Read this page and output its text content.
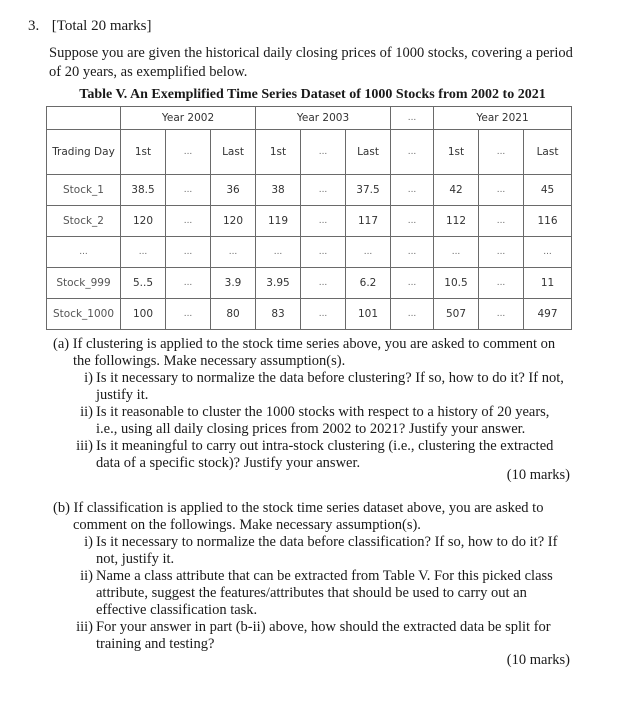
3. [Total 20 marks]
Suppose you are given the historical daily closing prices of 1000 stocks, covering a period of 20 years, as exemplified below.
Table V. An Exemplified Time Series Dataset of 1000 Stocks from 2002 to 2021
	Year 2002			Year 2003			...	Year 2021		
Trading Day	1st	...	Last	1st	...	Last	...	1st	...	Last
Stock_1	38.5	...	36	38	...	37.5	...	42	...	45
Stock_2	120	...	120	119	...	117	...	112	...	116
...	...	...	...	...	...	...	...	...	...	...
Stock_999	5..5	...	3.9	3.95	...	6.2	...	10.5	...	11
Stock_1000	100	...	80	83	...	101	...	507	...	497
(a) If clustering is applied to the stock time series above, you are asked to comment on the followings. Make necessary assumption(s).
i) Is it necessary to normalize the data before clustering? If so, how to do it? If not, justify it.
ii) Is it reasonable to cluster the 1000 stocks with respect to a history of 20 years, i.e., using all daily closing prices from 2002 to 2021? Justify your answer.
iii) Is it meaningful to carry out intra-stock clustering (i.e., clustering the extracted data of a specific stock)? Justify your answer.
(10 marks)
(b) If classification is applied to the stock time series dataset above, you are asked to comment on the followings. Make necessary assumption(s).
i) Is it necessary to normalize the data before classification? If so, how to do it? If not, justify it.
ii) Name a class attribute that can be extracted from Table V. For this picked class attribute, suggest the features/attributes that should be used to carry out an effective classification task.
iii) For your answer in part (b-ii) above, how should the extracted data be split for training and testing?
(10 marks)
